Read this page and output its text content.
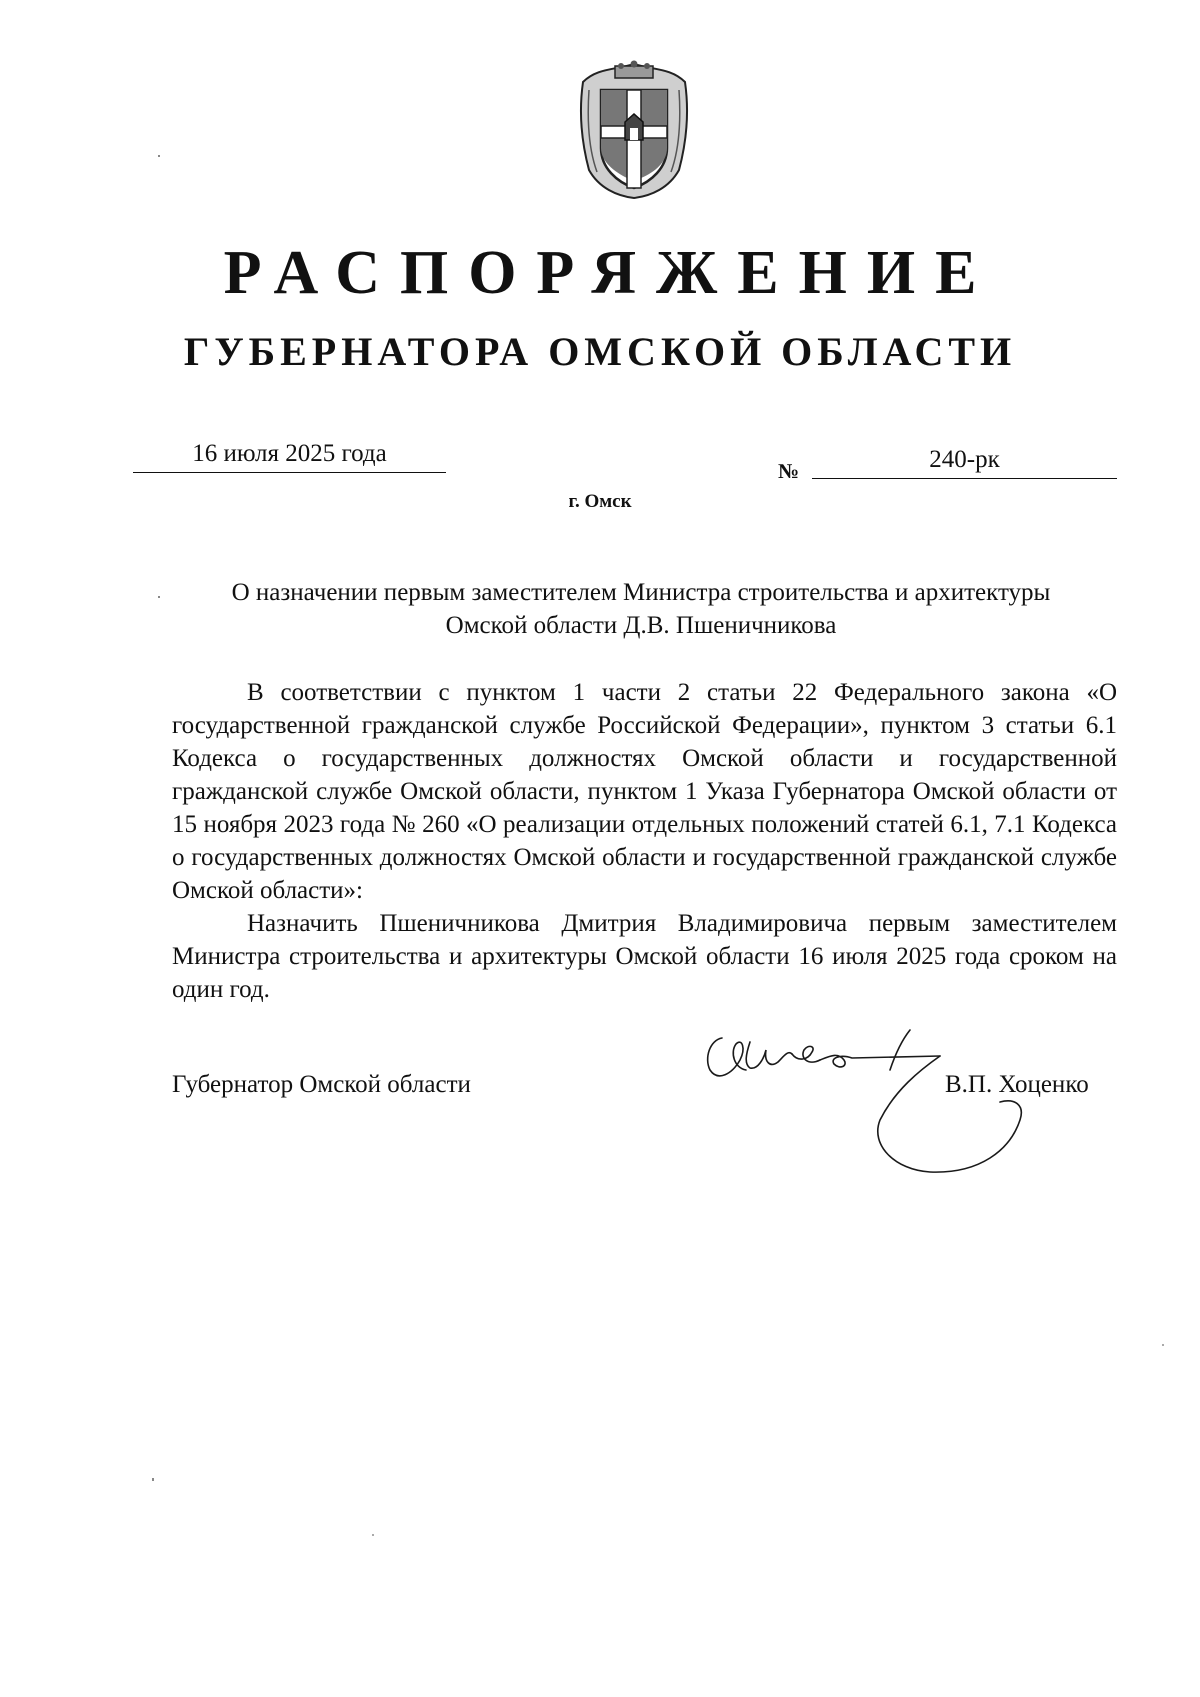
РАСПОРЯЖЕНИЕ
ГУБЕРНАТОРА ОМСКОЙ ОБЛАСТИ
16 июля 2025 года
№	240-рк
г. Омск
О назначении первым заместителем Министра строительства и архитектуры
Омской области Д.В. Пшеничникова

В соответствии с пунктом 1 части 2 статьи 22 Федерального закона «О государственной гражданской службе Российской Федерации», пунктом 3 статьи 6.1 Кодекса о государственных должностях Омской области и государственной гражданской службе Омской области, пунктом 1 Указа Губернатора Омской области от 15 ноября 2023 года № 260 «О реализации отдельных положений статей 6.1, 7.1 Кодекса о государственных должностях Омской области и государственной гражданской службе Омской области»:

Назначить Пшеничникова Дмитрия Владимировича первым заместителем Министра строительства и архитектуры Омской области 16 июля 2025 года сроком на один год.

Губернатор Омской области	В.П. Хоценко
